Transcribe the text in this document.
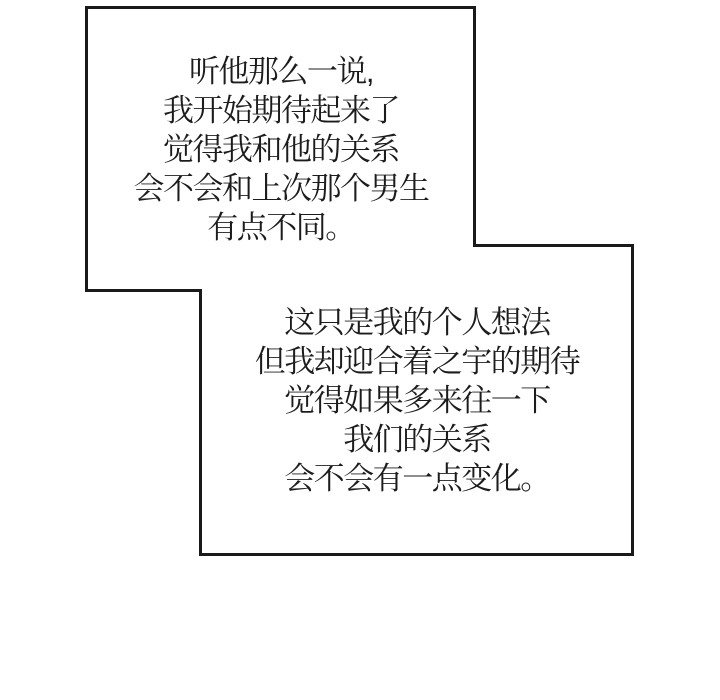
听他那么一说,
我开始期待起来了
觉得我和他的关系
会不会和上次那个男生
有点不同。
这只是我的个人想法
但我却迎合着之宇的期待
觉得如果多来往一下
我们的关系
会不会有一点变化。
